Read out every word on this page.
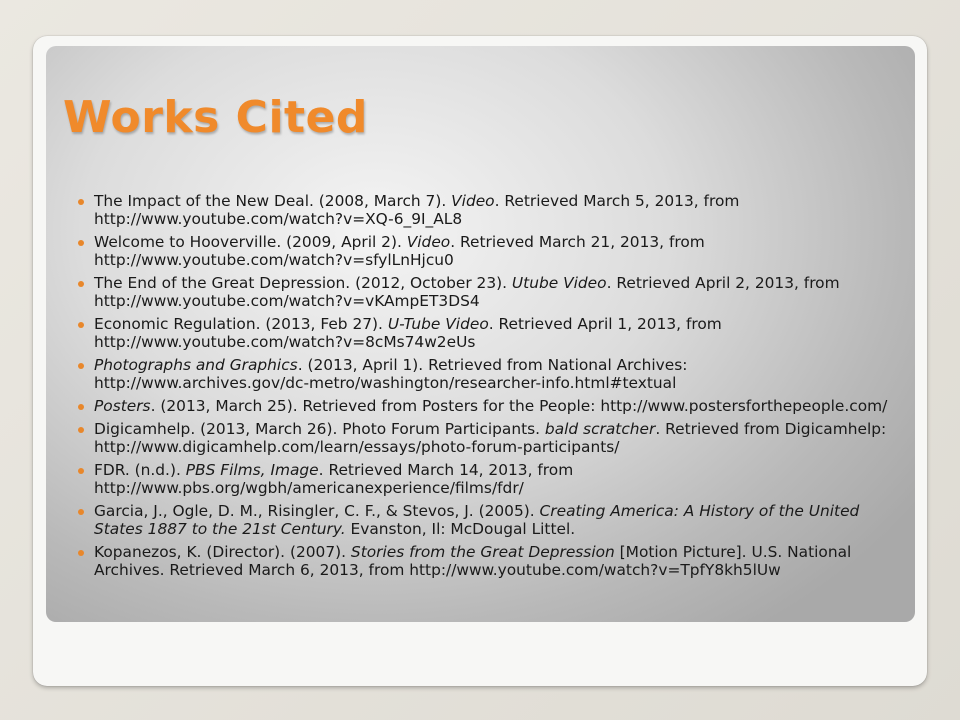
Works Cited
The Impact of the New Deal. (2008, March 7). Video. Retrieved March 5, 2013, from http://www.youtube.com/watch?v=XQ-6_9I_AL8
Welcome to Hooverville. (2009, April 2). Video. Retrieved March 21, 2013, from http://www.youtube.com/watch?v=sfylLnHjcu0
The End of the Great Depression. (2012, October 23). Utube Video. Retrieved April 2, 2013, from http://www.youtube.com/watch?v=vKAmpET3DS4
Economic Regulation. (2013, Feb 27). U-Tube Video. Retrieved April 1, 2013, from http://www.youtube.com/watch?v=8cMs74w2eUs
Photographs and Graphics. (2013, April 1). Retrieved from National Archives: http://www.archives.gov/dc-metro/washington/researcher-info.html#textual
Posters. (2013, March 25). Retrieved from Posters for the People: http://www.postersforthepeople.com/
Digicamhelp. (2013, March 26). Photo Forum Participants. bald scratcher. Retrieved from Digicamhelp: http://www.digicamhelp.com/learn/essays/photo-forum-participants/
FDR. (n.d.). PBS Films, Image. Retrieved March 14, 2013, from http://www.pbs.org/wgbh/americanexperience/films/fdr/
Garcia, J., Ogle, D. M., Risingler, C. F., & Stevos, J. (2005). Creating America: A History of the United States 1887 to the 21st Century. Evanston, Il: McDougal Littel.
Kopanezos, K. (Director). (2007). Stories from the Great Depression [Motion Picture]. U.S. National Archives. Retrieved March 6, 2013, from http://www.youtube.com/watch?v=TpfY8kh5lUw
